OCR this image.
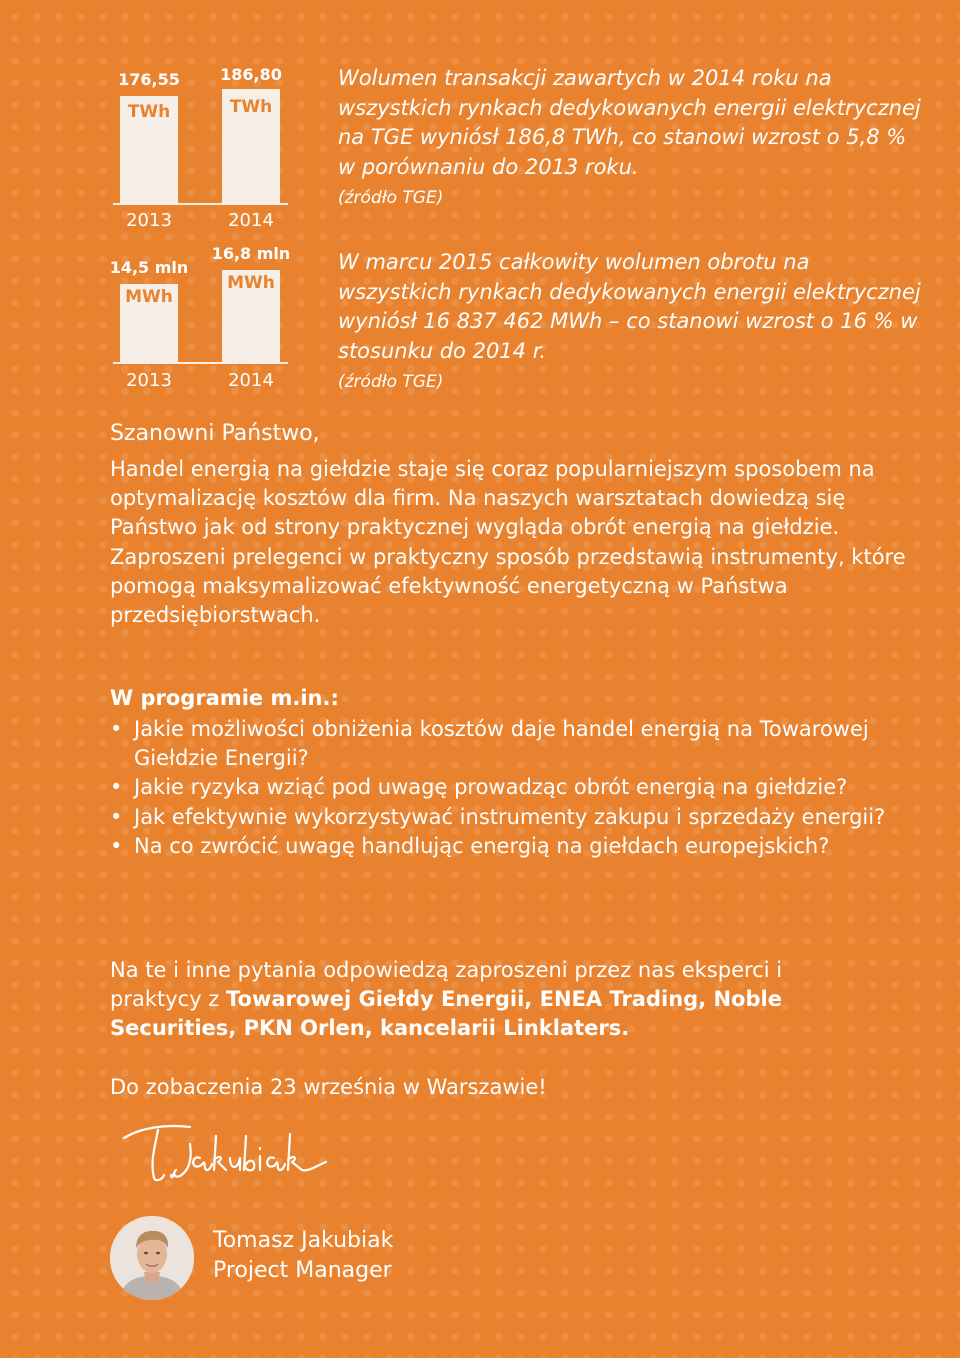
176,55	186,80
TWh	TWh
2013	2014
14,5 mln
16,8 mln
MWh
MWh
2013	2014
Wolumen transakcji zawartych w 2014 roku na wszystkich rynkach dedykowanych energii elektrycznej na TGE wyniósł 186,8 TWh, co stanowi wzrost o 5,8 % w porównaniu do 2013 roku.
(źródło TGE)
W marcu 2015 całkowity wolumen obrotu na wszystkich rynkach dedykowanych energii elektrycznej wyniósł 16 837 462 MWh – co stanowi wzrost o 16 % w stosunku do 2014 r.
(źródło TGE)
Szanowni Państwo,
Handel energią na giełdzie staje się coraz popularniejszym sposobem na optymalizację kosztów dla firm. Na naszych warsztatach dowiedzą się Państwo jak od strony praktycznej wygląda obrót energią na giełdzie. Zaproszeni prelegenci w praktyczny sposób przedstawią instrumenty, które pomogą maksymalizować efektywność energetyczną w Państwa przedsiębiorstwach.
W programie m.in.:
• Jakie możliwości obniżenia kosztów daje handel energią na Towarowej Giełdzie Energii?
• Jakie ryzyka wziąć pod uwagę prowadząc obrót energią na giełdzie?
• Jak efektywnie wykorzystywać instrumenty zakupu i sprzedaży energii?
• Na co zwrócić uwagę handlując energią na giełdach europejskich?
Na te i inne pytania odpowiedzą zaproszeni przez nas eksperci i praktycy z Towarowej Giełdy Energii, ENEA Trading, Noble Securities, PKN Orlen, kancelarii Linklaters.
Do zobaczenia 23 września w Warszawie!
Tomasz Jakubiak
Project Manager
